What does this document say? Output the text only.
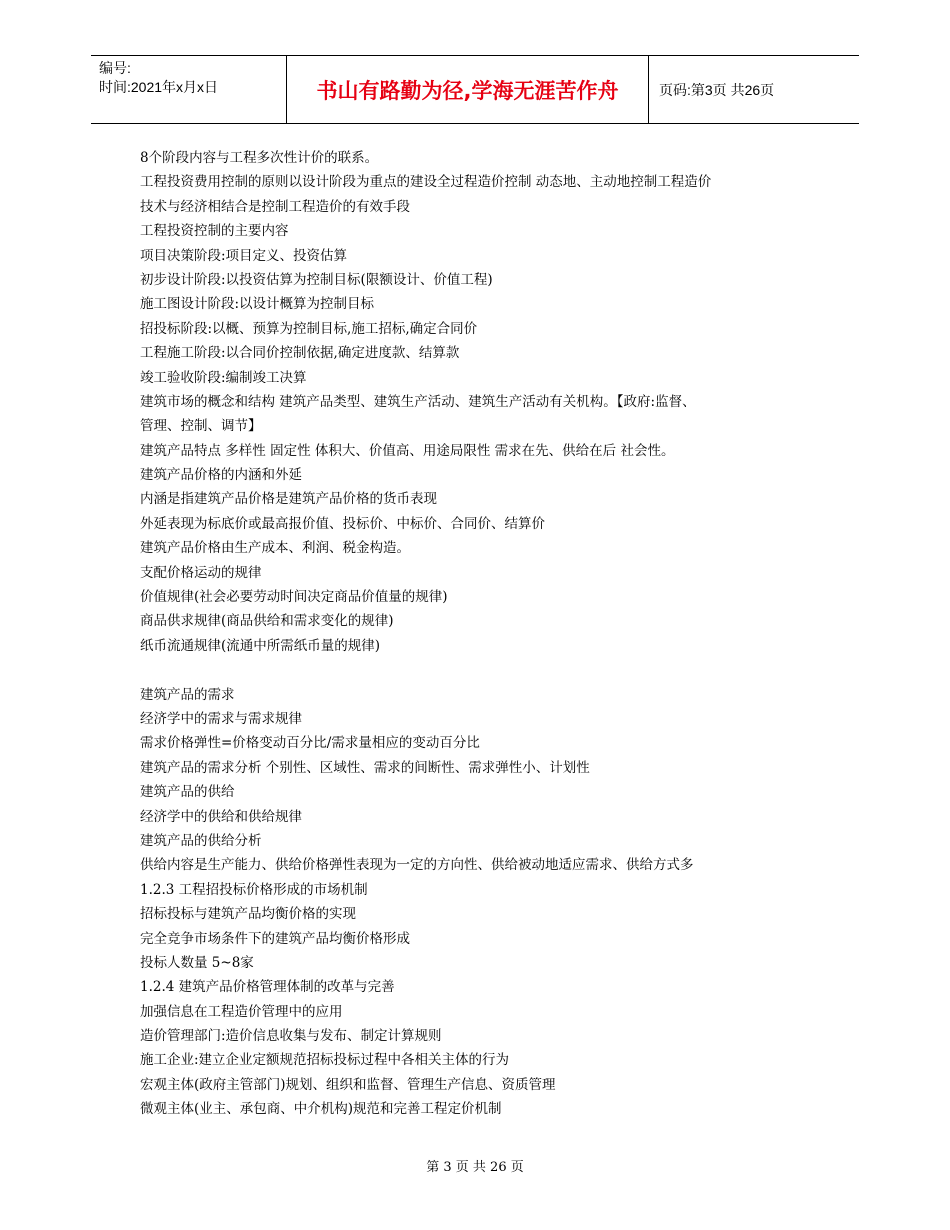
编号:
时间:2021年x月x日	书山有路勤为径,学海无涯苦作舟	页码:第3页 共26页
8个阶段内容与工程多次性计价的联系。
工程投资费用控制的原则以设计阶段为重点的建设全过程造价控制 动态地、主动地控制工程造价
技术与经济相结合是控制工程造价的有效手段
工程投资控制的主要内容
项目决策阶段:项目定义、投资估算
初步设计阶段:以投资估算为控制目标(限额设计、价值工程)
施工图设计阶段:以设计概算为控制目标
招投标阶段:以概、预算为控制目标,施工招标,确定合同价
工程施工阶段:以合同价控制依据,确定进度款、结算款
竣工验收阶段:编制竣工决算
建筑市场的概念和结构 建筑产品类型、建筑生产活动、建筑生产活动有关机构。【政府:监督、
管理、控制、调节】
建筑产品特点 多样性 固定性 体积大、价值高、用途局限性 需求在先、供给在后 社会性。
建筑产品价格的内涵和外延
内涵是指建筑产品价格是建筑产品价格的货币表现
外延表现为标底价或最高报价值、投标价、中标价、合同价、结算价
建筑产品价格由生产成本、利润、税金构造。
支配价格运动的规律
价值规律(社会必要劳动时间决定商品价值量的规律)
商品供求规律(商品供给和需求变化的规律)
纸币流通规律(流通中所需纸币量的规律)
建筑产品的需求
经济学中的需求与需求规律
需求价格弹性=价格变动百分比/需求量相应的变动百分比
建筑产品的需求分析 个别性、区域性、需求的间断性、需求弹性小、计划性
建筑产品的供给
经济学中的供给和供给规律
建筑产品的供给分析
供给内容是生产能力、供给价格弹性表现为一定的方向性、供给被动地适应需求、供给方式多
1.2.3 工程招投标价格形成的市场机制
招标投标与建筑产品均衡价格的实现
完全竞争市场条件下的建筑产品均衡价格形成
投标人数量 5~8家
1.2.4 建筑产品价格管理体制的改革与完善
加强信息在工程造价管理中的应用
造价管理部门:造价信息收集与发布、制定计算规则
施工企业:建立企业定额规范招标投标过程中各相关主体的行为
宏观主体(政府主管部门)规划、组织和监督、管理生产信息、资质管理
微观主体(业主、承包商、中介机构)规范和完善工程定价机制
第 3 页 共 26 页
